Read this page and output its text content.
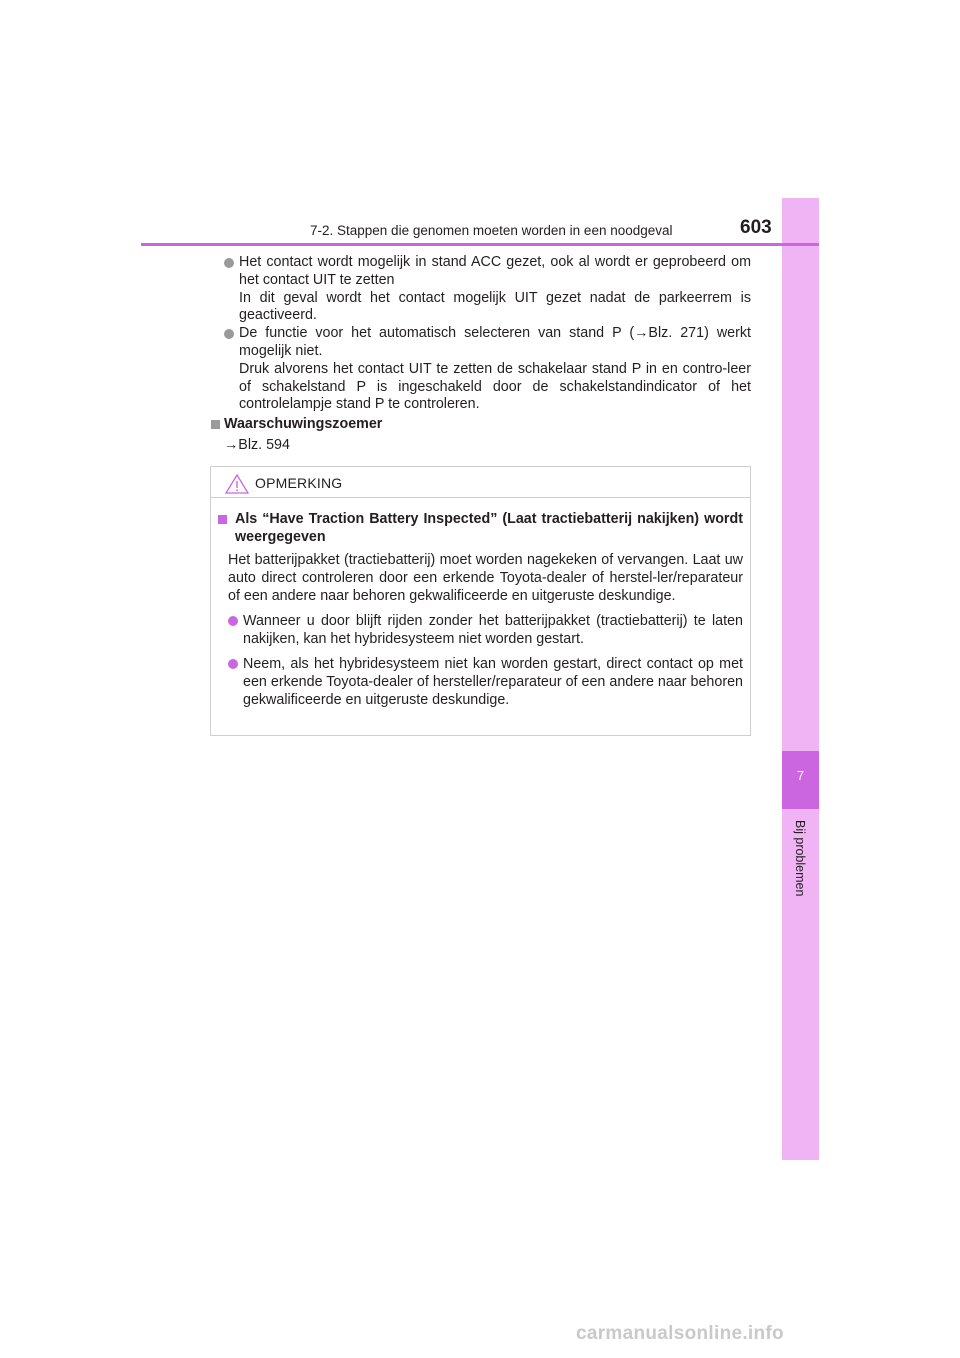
7
Bij problemen
7-2. Stappen die genomen moeten worden in een noodgeval	603

Het contact wordt mogelijk in stand ACC gezet, ook al wordt er geprobeerd om het contact UIT te zetten

In dit geval wordt het contact mogelijk UIT gezet nadat de parkeerrem is geactiveerd.

De functie voor het automatisch selecteren van stand P (→Blz. 271) werkt mogelijk niet.

Druk alvorens het contact UIT te zetten de schakelaar stand P in en contro-leer of schakelstand P is ingeschakeld door de schakelstandindicator of het controlelampje stand P te controleren.

Waarschuwingszoemer
→Blz. 594
OPMERKING
Als “Have Traction Battery Inspected” (Laat tractiebatterij nakijken) wordt weergegeven
Het batterijpakket (tractiebatterij) moet worden nagekeken of vervangen. Laat uw auto direct controleren door een erkende Toyota-dealer of herstel-ler/reparateur of een andere naar behoren gekwalificeerde en uitgeruste deskundige.
Wanneer u door blijft rijden zonder het batterijpakket (tractiebatterij) te laten nakijken, kan het hybridesysteem niet worden gestart.
Neem, als het hybridesysteem niet kan worden gestart, direct contact op met een erkende Toyota-dealer of hersteller/reparateur of een andere naar behoren gekwalificeerde en uitgeruste deskundige.
carmanualsonline.info
